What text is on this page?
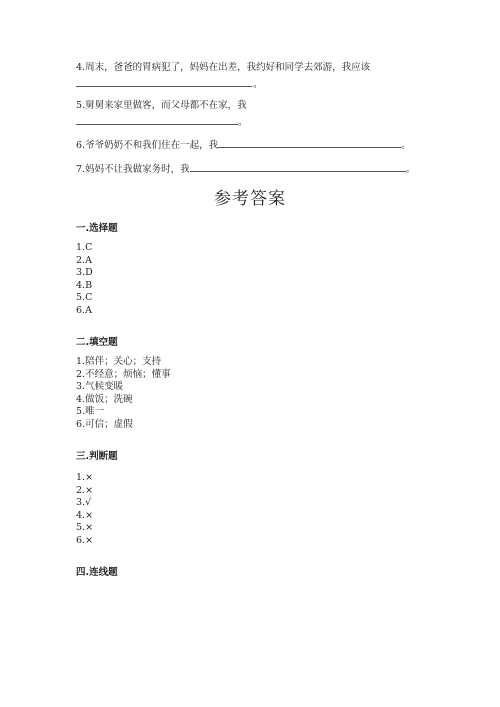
4.周末，爸爸的胃病犯了，妈妈在出差，我约好和同学去郊游，我应该
。
5.舅舅来家里做客，而父母都不在家，我
。
6.爷爷奶奶不和我们住在一起，我	。
7.妈妈不让我做家务时，我	。
参考答案
一.选择题
1.C
2.A
3.D
4.B
5.C
6.A
二.填空题
1.陪伴；关心；支持
2.不经意；烦恼；懂事
3.气候变暖
4.做饭；洗碗
5.唯一
6.可信；虚假
三.判断题
1.×
2.×
3.√
4.×
5.×
6.×
四.连线题
